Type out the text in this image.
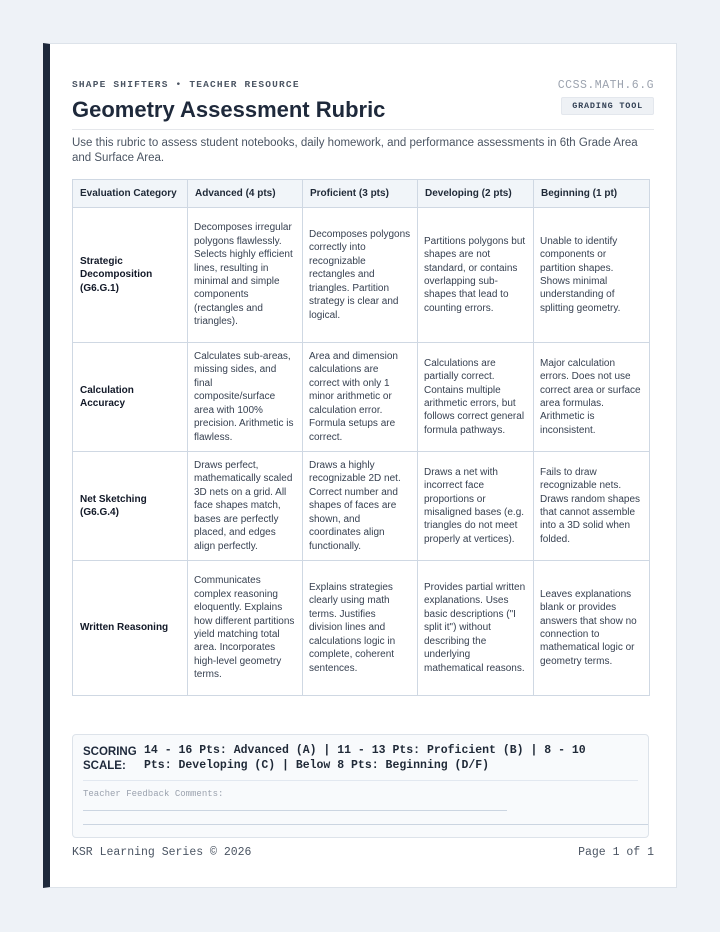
SHAPE SHIFTERS • TEACHER RESOURCE
Geometry Assessment Rubric
CCSS.MATH.6.G
GRADING TOOL
Use this rubric to assess student notebooks, daily homework, and performance assessments in 6th Grade Area and Surface Area.
Evaluation Category	Advanced (4 pts)	Proficient (3 pts)	Developing (2 pts)	Beginning (1 pt)
Strategic Decomposition (G6.G.1)	Decomposes irregular polygons flawlessly. Selects highly efficient lines, resulting in minimal and simple components (rectangles and triangles).	Decomposes polygons correctly into recognizable rectangles and triangles. Partition strategy is clear and logical.	Partitions polygons but shapes are not standard, or contains overlapping sub-shapes that lead to counting errors.	Unable to identify components or partition shapes. Shows minimal understanding of splitting geometry.
Calculation Accuracy	Calculates sub-areas, missing sides, and final composite/surface area with 100% precision. Arithmetic is flawless.	Area and dimension calculations are correct with only 1 minor arithmetic or calculation error. Formula setups are correct.	Calculations are partially correct. Contains multiple arithmetic errors, but follows correct general formula pathways.	Major calculation errors. Does not use correct area or surface area formulas. Arithmetic is inconsistent.
Net Sketching (G6.G.4)	Draws perfect, mathematically scaled 3D nets on a grid. All face shapes match, bases are perfectly placed, and edges align perfectly.	Draws a highly recognizable 2D net. Correct number and shapes of faces are shown, and coordinates align functionally.	Draws a net with incorrect face proportions or misaligned bases (e.g. triangles do not meet properly at vertices).	Fails to draw recognizable nets. Draws random shapes that cannot assemble into a 3D solid when folded.
Written Reasoning	Communicates complex reasoning eloquently. Explains how different partitions yield matching total area. Incorporates high-level geometry terms.	Explains strategies clearly using math terms. Justifies division lines and calculations logic in complete, coherent sentences.	Provides partial written explanations. Uses basic descriptions ("I split it") without describing the underlying mathematical reasons.	Leaves explanations blank or provides answers that show no connection to mathematical logic or geometry terms.
SCORING SCALE:
14 - 16 Pts: Advanced (A) | 11 - 13 Pts: Proficient (B) | 8 - 10 Pts: Developing (C) | Below 8 Pts: Beginning (D/F)
Teacher Feedback Comments:
KSR Learning Series © 2026	Page 1 of 1
